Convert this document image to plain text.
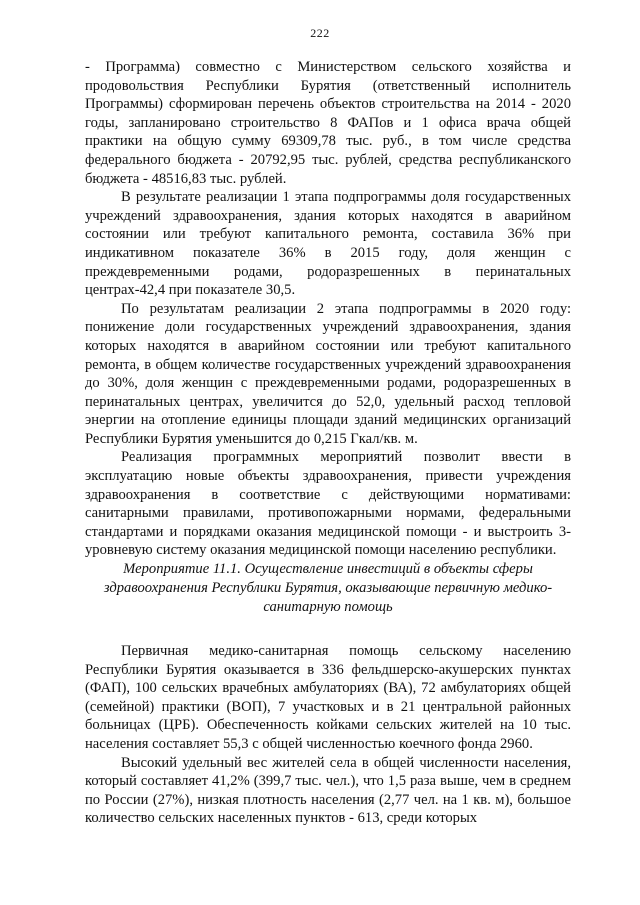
222

- Программа) совместно с Министерством сельского хозяйства и продовольствия Республики Бурятия (ответственный исполнитель Программы) сформирован перечень объектов строительства на 2014 - 2020 годы, запланировано строительство 8 ФАПов и 1 офиса врача общей практики на общую сумму 69309,78 тыс. руб., в том числе средства федерального бюджета - 20792,95 тыс. рублей, средства республиканского бюджета - 48516,83 тыс. рублей.

В результате реализации 1 этапа подпрограммы доля государственных учреждений здравоохранения, здания которых находятся в аварийном состоянии или требуют капитального ремонта, составила 36% при индикативном показателе 36% в 2015 году, доля женщин с преждевременными родами, родоразрешенных в перинатальных центрах-42,4 при показателе 30,5.

По результатам реализации 2 этапа подпрограммы в 2020 году: понижение доли государственных учреждений здравоохранения, здания которых находятся в аварийном состоянии или требуют капитального ремонта, в общем количестве государственных учреждений здравоохранения до 30%, доля женщин с преждевременными родами, родоразрешенных в перинатальных центрах, увеличится до 52,0, удельный расход тепловой энергии на отопление единицы площади зданий медицинских организаций Республики Бурятия уменьшится до 0,215 Гкал/кв. м.

Реализация программных мероприятий позволит ввести в эксплуатацию новые объекты здравоохранения, привести учреждения здравоохранения в соответствие с действующими нормативами: санитарными правилами, противопожарными нормами, федеральными стандартами и порядками оказания медицинской помощи - и выстроить 3-уровневую систему оказания медицинской помощи населению республики.

Мероприятие 11.1. Осуществление инвестиций в объекты сферы здравоохранения Республики Бурятия, оказывающие первичную медико-санитарную помощь

Первичная медико-санитарная помощь сельскому населению Республики Бурятия оказывается в 336 фельдшерско-акушерских пунктах (ФАП), 100 сельских врачебных амбулаториях (ВА), 72 амбулаториях общей (семейной) практики (ВОП), 7 участковых и в 21 центральной районных больницах (ЦРБ). Обеспеченность койками сельских жителей на 10 тыс. населения составляет 55,3 с общей численностью коечного фонда 2960.

Высокий удельный вес жителей села в общей численности населения, который составляет 41,2% (399,7 тыс. чел.), что 1,5 раза выше, чем в среднем по России (27%), низкая плотность населения (2,77 чел. на 1 кв. м), большое количество сельских населенных пунктов - 613, среди которых
